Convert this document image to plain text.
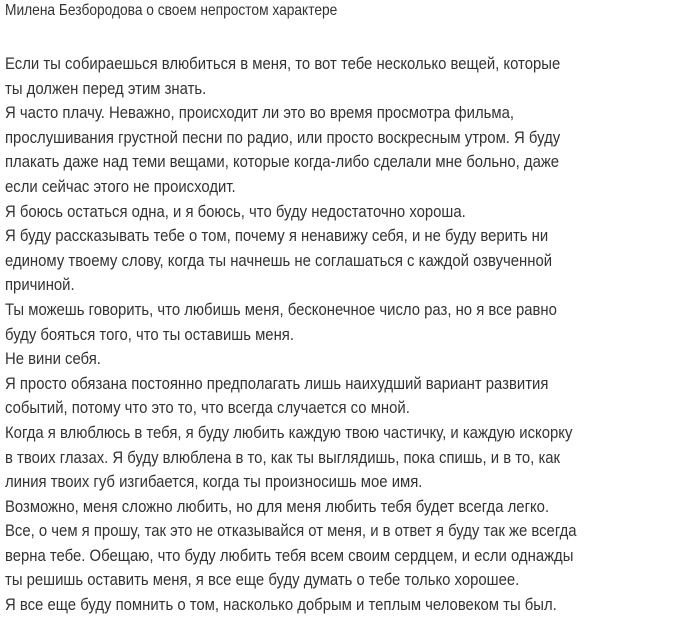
Милена Безбородова о своем непростом характере
Если ты собираешься влюбиться в меня, то вот тебе несколько вещей, которые
ты должен перед этим знать.
Я часто плачу. Неважно, происходит ли это во время просмотра фильма,
прослушивания грустной песни по радио, или просто воскресным утром. Я буду
плакать даже над теми вещами, которые когда-либо сделали мне больно, даже
если сейчас этого не происходит.
Я боюсь остаться одна, и я боюсь, что буду недостаточно хороша.
Я буду рассказывать тебе о том, почему я ненавижу себя, и не буду верить ни
единому твоему слову, когда ты начнешь не соглашаться с каждой озвученной
причиной.
Ты можешь говорить, что любишь меня, бесконечное число раз, но я все равно
буду бояться того, что ты оставишь меня.
Не вини себя.
Я просто обязана постоянно предполагать лишь наихудший вариант развития
событий, потому что это то, что всегда случается со мной.
Когда я влюблюсь в тебя, я буду любить каждую твою частичку, и каждую искорку
в твоих глазах. Я буду влюблена в то, как ты выглядишь, пока спишь, и в то, как
линия твоих губ изгибается, когда ты произносишь мое имя.
Возможно, меня сложно любить, но для меня любить тебя будет всегда легко.
Все, о чем я прошу, так это не отказывайся от меня, и в ответ я буду так же всегда
верна тебе. Обещаю, что буду любить тебя всем своим сердцем, и если однажды
ты решишь оставить меня, я все еще буду думать о тебе только хорошее.
Я все еще буду помнить о том, насколько добрым и теплым человеком ты был.
